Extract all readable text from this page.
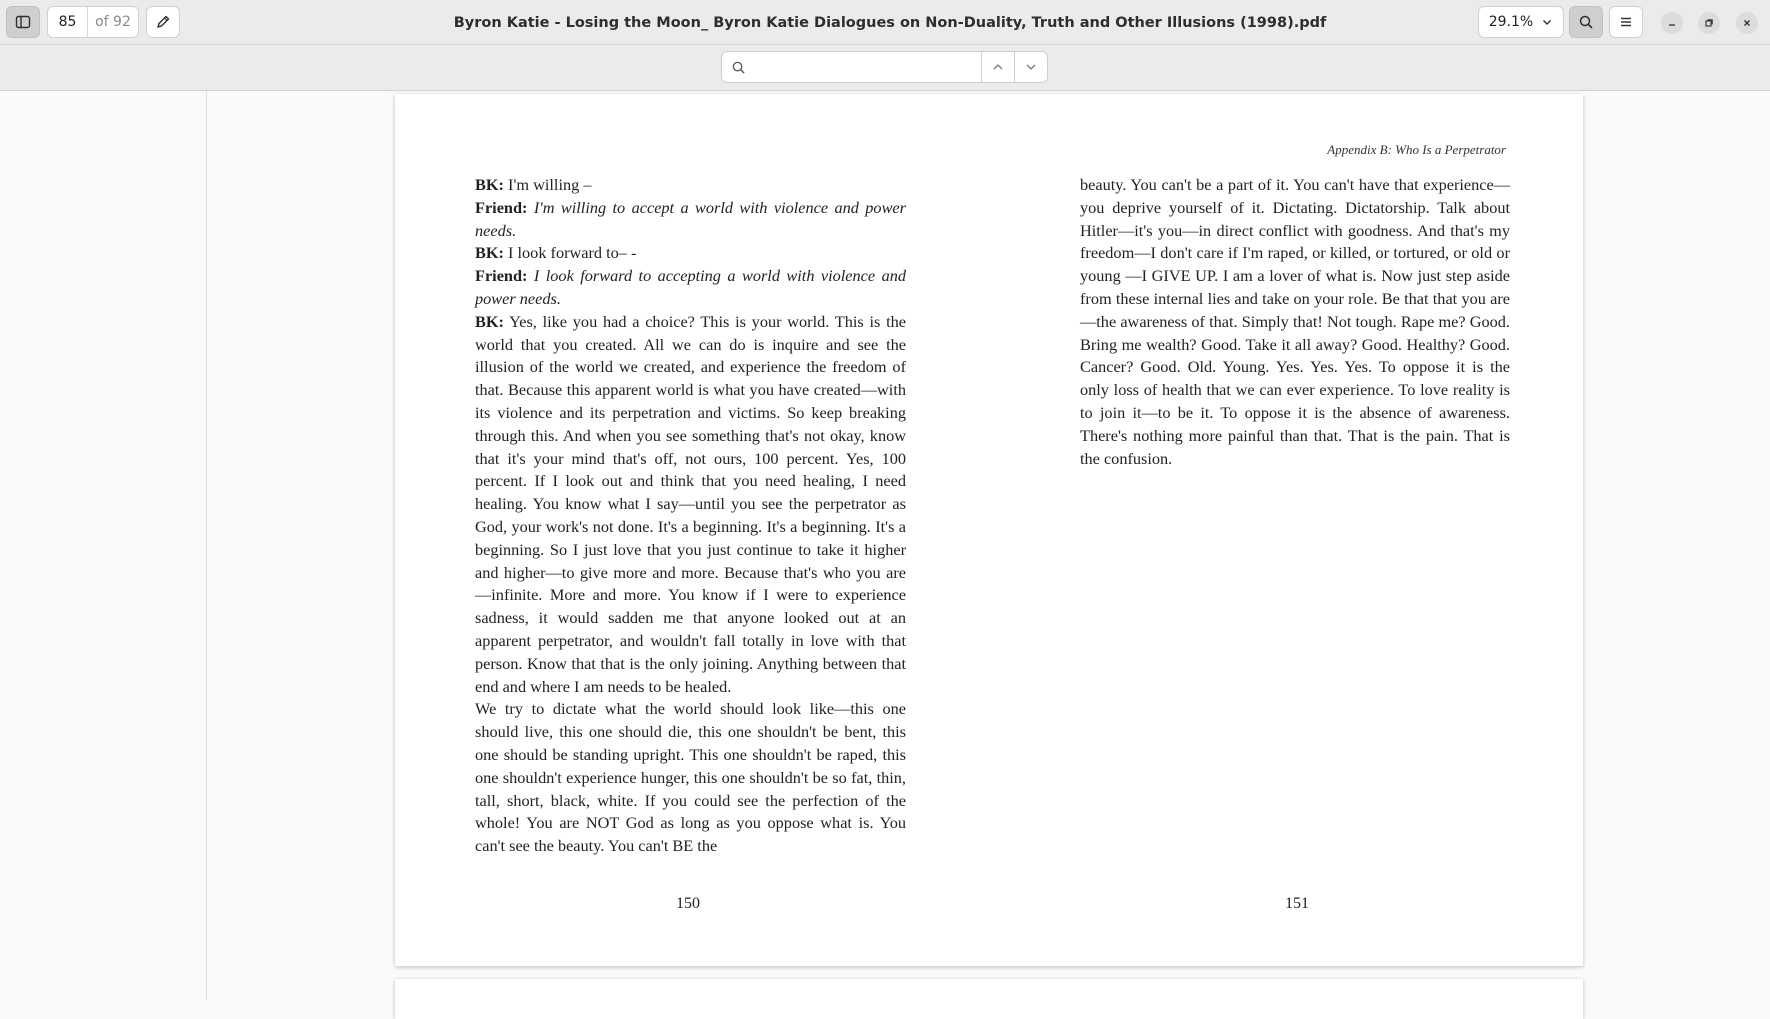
85	of 92	Byron Katie - Losing the Moon_ Byron Katie Dialogues on Non-Duality, Truth and Other Illusions (1998).pdf	29.1%
Appendix B: Who Is a Perpetrator

BK: I'm willing –

Friend: I'm willing to accept a world with violence and power needs.

BK: I look forward to– -

Friend: I look forward to accepting a world with violence and power needs.

BK: Yes, like you had a choice? This is your world. This is the world that you created. All we can do is inquire and see the illusion of the world we created, and experience the freedom of that. Because this apparent world is what you have created—with its violence and its perpetration and victims. So keep breaking through this. And when you see something that's not okay, know that it's your mind that's off, not ours, 100 percent. Yes, 100 percent. If I look out and think that you need healing, I need healing. You know what I say—until you see the perpetrator as God, your work's not done. It's a beginning. It's a beginning. It's a beginning. So I just love that you just continue to take it higher and higher—to give more and more. Because that's who you are—infinite. More and more. You know if I were to experience sadness, it would sadden me that anyone looked out at an apparent perpetrator, and wouldn't fall totally in love with that person. Know that that is the only joining. Anything between that end and where I am needs to be healed.

We try to dictate what the world should look like—this one should live, this one should die, this one shouldn't be bent, this one should be standing upright. This one shouldn't be raped, this one shouldn't experience hunger, this one shouldn't be so fat, thin, tall, short, black, white. If you could see the perfection of the whole! You are NOT God as long as you oppose what is. You can't see the beauty. You can't BE the

beauty. You can't be a part of it. You can't have that experience—you deprive yourself of it. Dictating. Dictatorship. Talk about Hitler—it's you—in direct conflict with goodness. And that's my freedom—I don't care if I'm raped, or killed, or tortured, or old or young —I GIVE UP. I am a lover of what is. Now just step aside from these internal lies and take on your role. Be that that you are—the awareness of that. Simply that! Not tough. Rape me? Good. Bring me wealth? Good. Take it all away? Good. Healthy? Good. Cancer? Good. Old. Young. Yes. Yes. Yes. To oppose it is the only loss of health that we can ever experience. To love reality is to join it—to be it. To oppose it is the absence of awareness. There's nothing more painful than that. That is the pain. That is the confusion.

150	151
